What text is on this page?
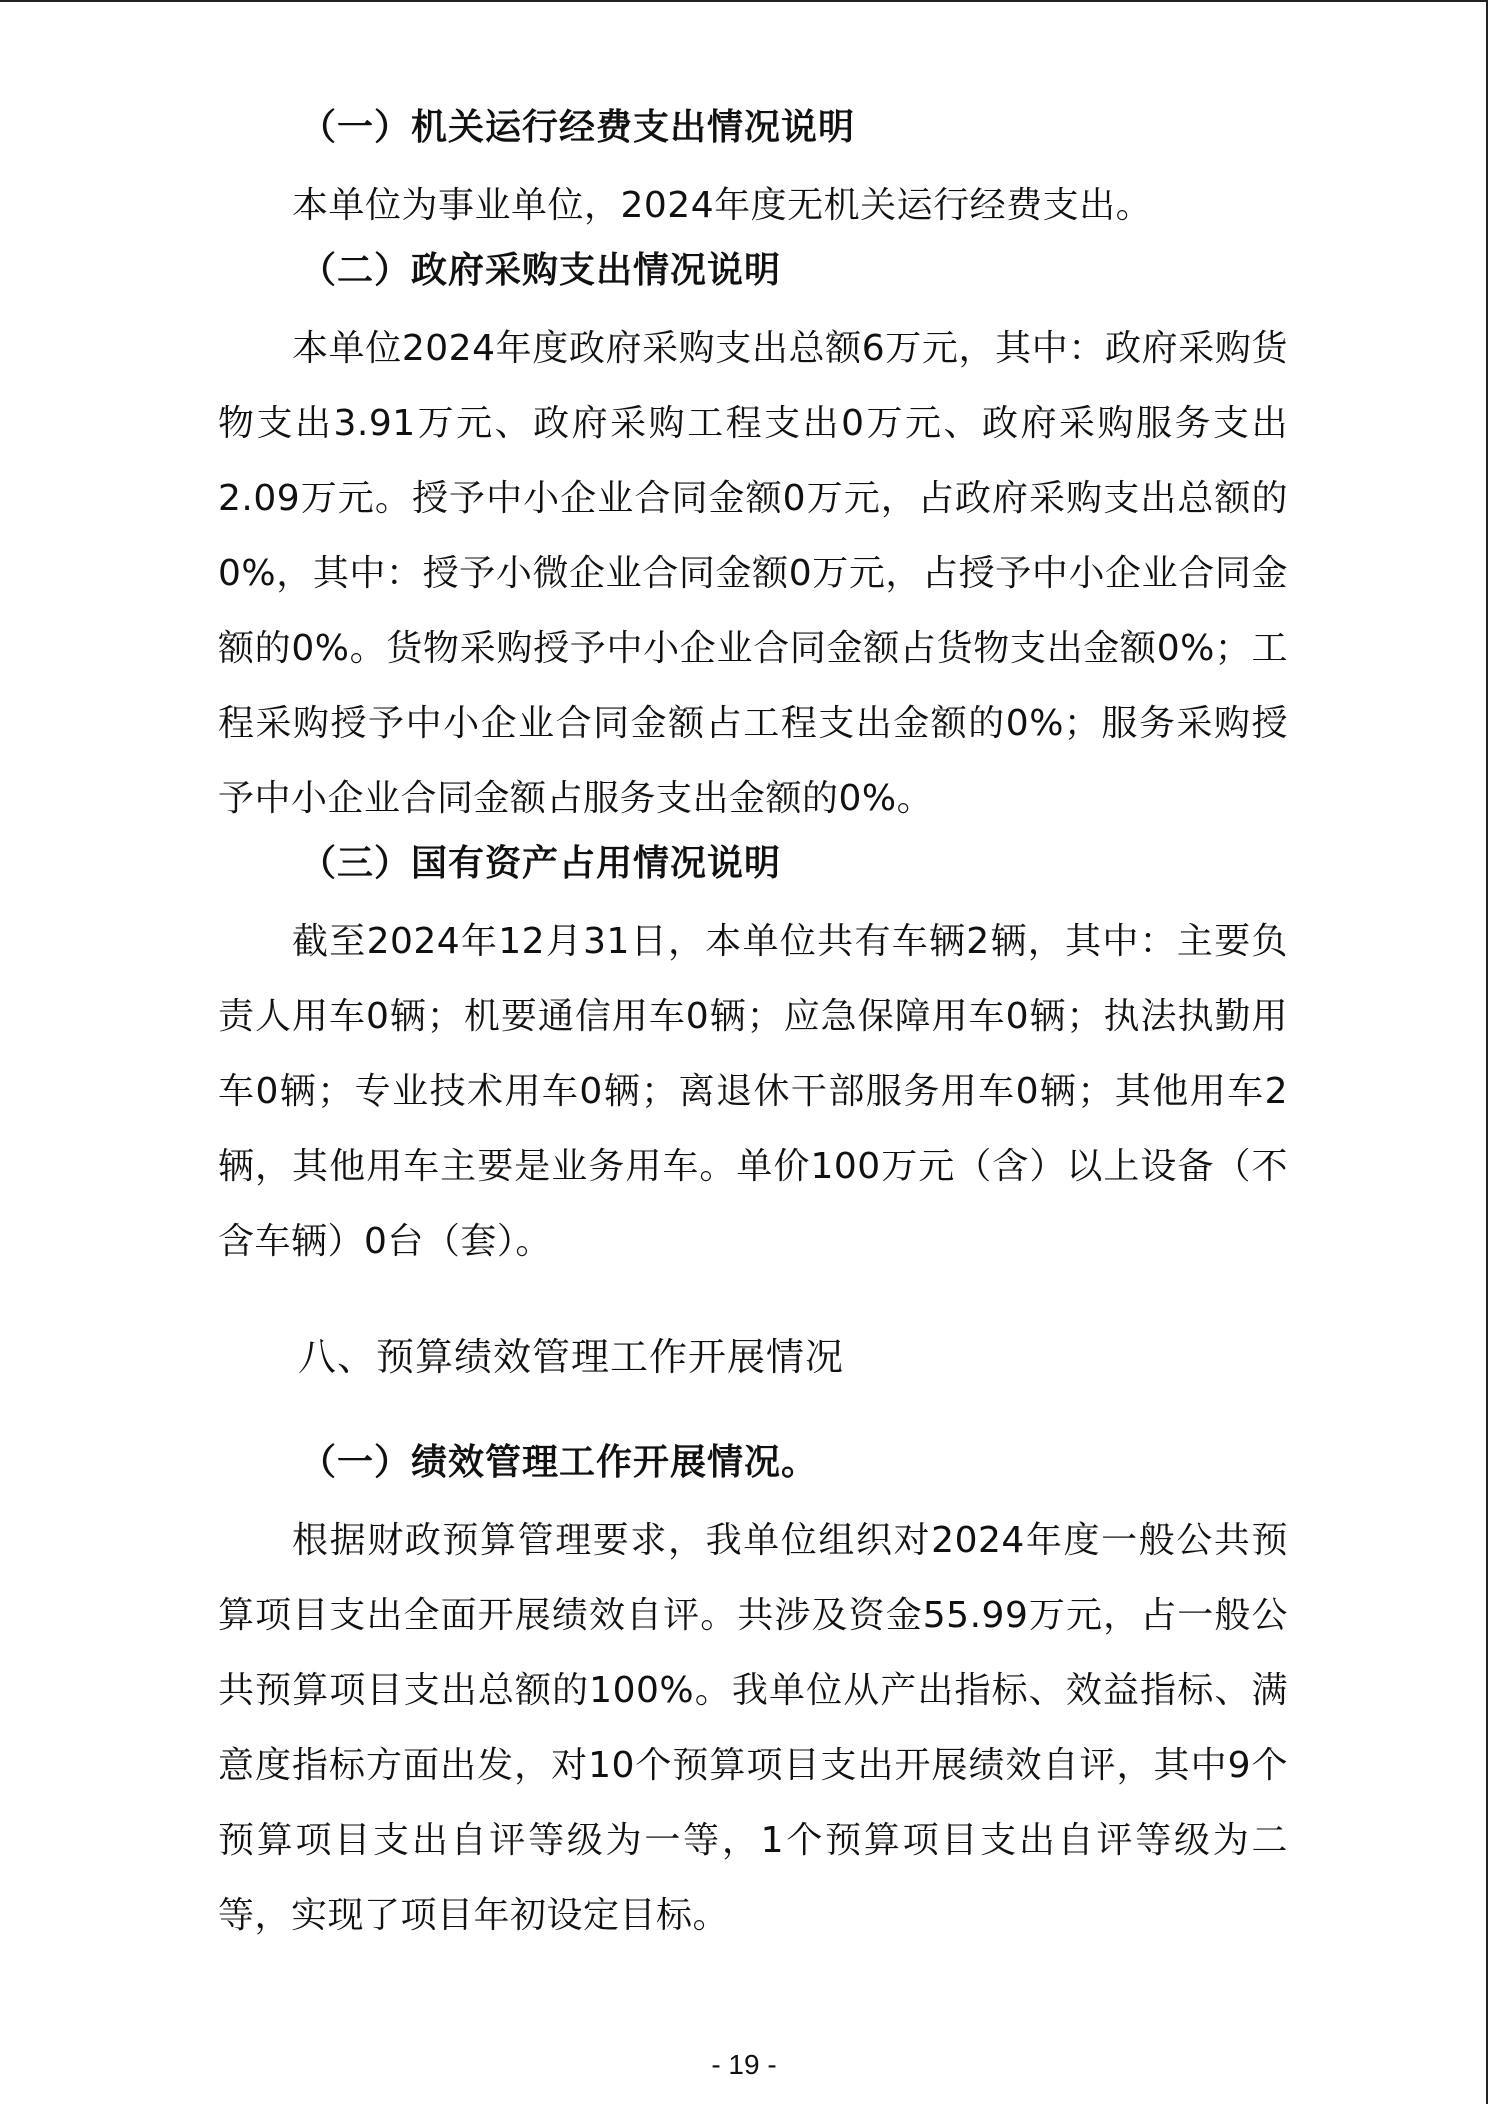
（一）机关运行经费支出情况说明

本单位为事业单位，2024年度无机关运行经费支出。

（二）政府采购支出情况说明

本单位2024年度政府采购支出总额6万元，其中：政府采购货物支出3.91万元、政府采购工程支出0万元、政府采购服务支出2.09万元。授予中小企业合同金额0万元，占政府采购支出总额的0%，其中：授予小微企业合同金额0万元，占授予中小企业合同金额的0%。货物采购授予中小企业合同金额占货物支出金额0%；工程采购授予中小企业合同金额占工程支出金额的0%；服务采购授予中小企业合同金额占服务支出金额的0%。

（三）国有资产占用情况说明

截至2024年12月31日，本单位共有车辆2辆，其中：主要负责人用车0辆；机要通信用车0辆；应急保障用车0辆；执法执勤用车0辆；专业技术用车0辆；离退休干部服务用车0辆；其他用车2辆，其他用车主要是业务用车。单价100万元（含）以上设备（不含车辆）0台（套）。

八、预算绩效管理工作开展情况

（一）绩效管理工作开展情况。

根据财政预算管理要求，我单位组织对2024年度一般公共预算项目支出全面开展绩效自评。共涉及资金55.99万元，占一般公共预算项目支出总额的100%。我单位从产出指标、效益指标、满意度指标方面出发，对10个预算项目支出开展绩效自评，其中9个预算项目支出自评等级为一等，1个预算项目支出自评等级为二等，实现了项目年初设定目标。

- 19 -
